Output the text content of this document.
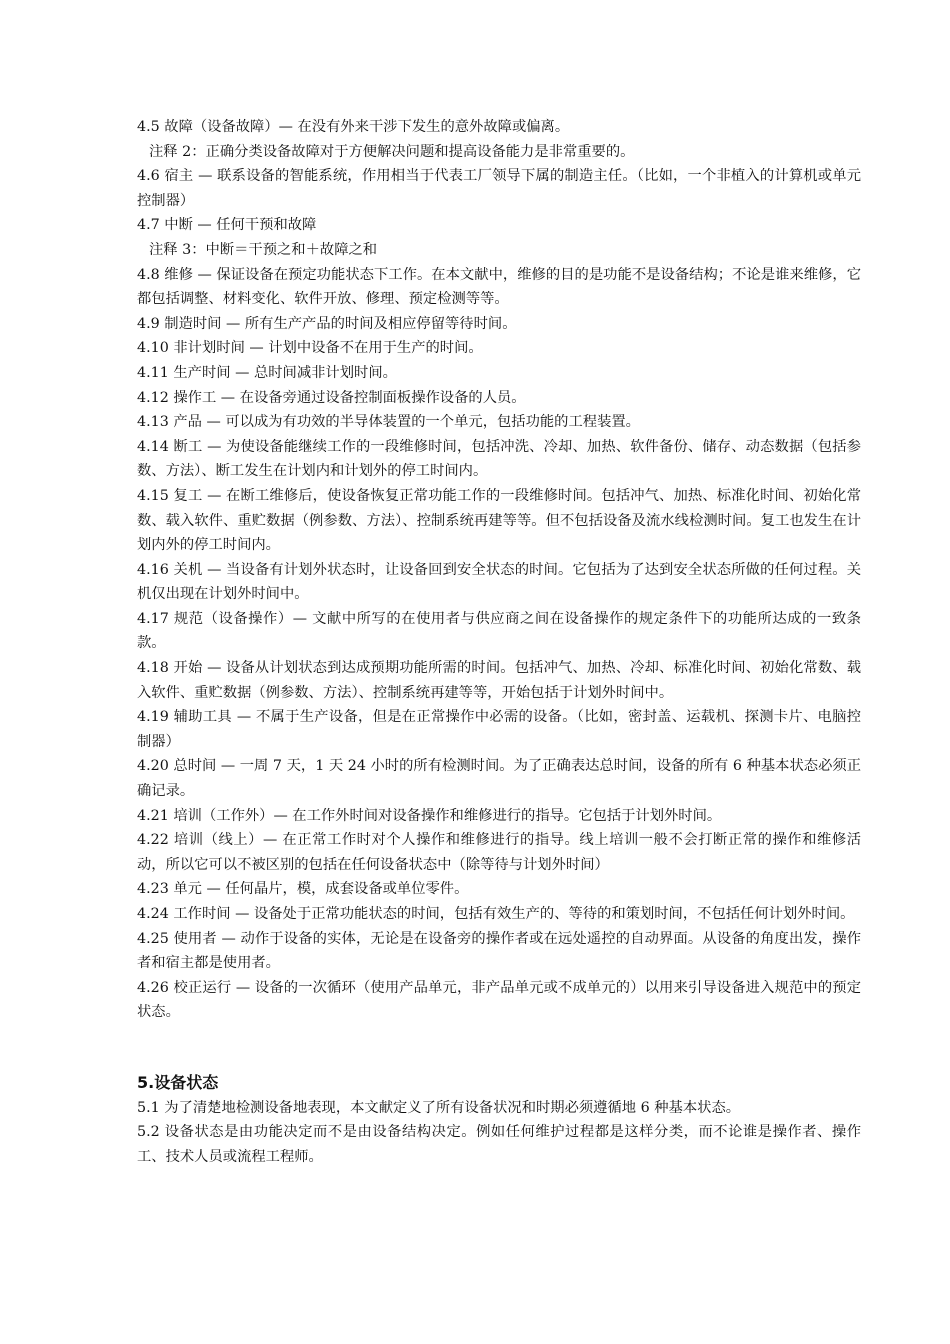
4.5 故障（设备故障）— 在没有外来干涉下发生的意外故障或偏离。

注释 2：正确分类设备故障对于方便解决问题和提高设备能力是非常重要的。

4.6 宿主 — 联系设备的智能系统，作用相当于代表工厂领导下属的制造主任。（比如，一个非植入的计算机或单元控制器）

4.7 中断 — 任何干预和故障

注释 3：中断＝干预之和＋故障之和

4.8 维修 — 保证设备在预定功能状态下工作。在本文献中，维修的目的是功能不是设备结构；不论是谁来维修，它都包括调整、材料变化、软件开放、修理、预定检测等等。

4.9 制造时间 — 所有生产产品的时间及相应停留等待时间。

4.10 非计划时间 — 计划中设备不在用于生产的时间。

4.11 生产时间 — 总时间减非计划时间。

4.12 操作工 — 在设备旁通过设备控制面板操作设备的人员。

4.13 产品 — 可以成为有功效的半导体装置的一个单元，包括功能的工程装置。

4.14 断工 — 为使设备能继续工作的一段维修时间，包括冲洗、冷却、加热、软件备份、储存、动态数据（包括参数、方法）、断工发生在计划内和计划外的停工时间内。

4.15 复工 — 在断工维修后，使设备恢复正常功能工作的一段维修时间。包括冲气、加热、标准化时间、初始化常数、载入软件、重贮数据（例参数、方法）、控制系统再建等等。但不包括设备及流水线检测时间。复工也发生在计划内外的停工时间内。

4.16 关机 — 当设备有计划外状态时，让设备回到安全状态的时间。它包括为了达到安全状态所做的任何过程。关机仅出现在计划外时间中。

4.17 规范（设备操作）— 文献中所写的在使用者与供应商之间在设备操作的规定条件下的功能所达成的一致条款。

4.18 开始 — 设备从计划状态到达成预期功能所需的时间。包括冲气、加热、冷却、标准化时间、初始化常数、载入软件、重贮数据（例参数、方法）、控制系统再建等等，开始包括于计划外时间中。

4.19 辅助工具 — 不属于生产设备，但是在正常操作中必需的设备。（比如，密封盖、运载机、探测卡片、电脑控制器）

4.20 总时间 — 一周 7 天，1 天 24 小时的所有检测时间。为了正确表达总时间，设备的所有 6 种基本状态必须正确记录。

4.21 培训（工作外）— 在工作外时间对设备操作和维修进行的指导。它包括于计划外时间。

4.22 培训（线上）— 在正常工作时对个人操作和维修进行的指导。线上培训一般不会打断正常的操作和维修活动，所以它可以不被区别的包括在任何设备状态中（除等待与计划外时间）

4.23 单元 — 任何晶片，模，成套设备或单位零件。

4.24 工作时间 — 设备处于正常功能状态的时间，包括有效生产的、等待的和策划时间，不包括任何计划外时间。

4.25 使用者 — 动作于设备的实体，无论是在设备旁的操作者或在远处遥控的自动界面。从设备的角度出发，操作者和宿主都是使用者。

4.26 校正运行 — 设备的一次循环（使用产品单元，非产品单元或不成单元的）以用来引导设备进入规范中的预定状态。

5.设备状态

5.1 为了清楚地检测设备地表现，本文献定义了所有设备状况和时期必须遵循地 6 种基本状态。

5.2 设备状态是由功能决定而不是由设备结构决定。例如任何维护过程都是这样分类，而不论谁是操作者、操作工、技术人员或流程工程师。
